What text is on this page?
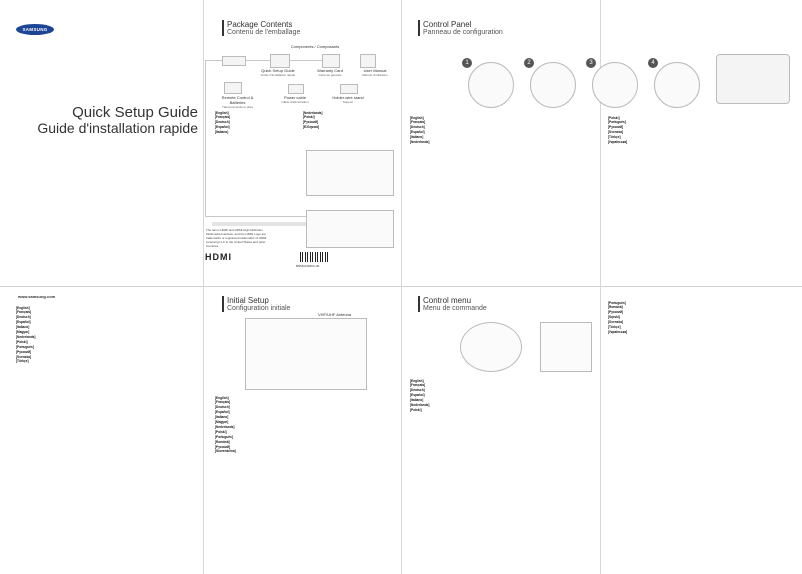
SAMSUNG
Quick Setup Guide
Guide d'installation rapide
The terms HDMI and HDMI High-Definition Multimedia Interface, and the HDMI Logo are trademarks or registered trademarks of HDMI Licensing LLC in the United States and other countries.
HDMI
BN68-04926C-00
Package Contents
Contenu de l'emballage
Components / Composants
Quick Setup Guide
Guide d'installation rapide
Warranty Card
Carte de garantie
User Manual
Manuel d'utilisation
Remote Control & Batteries
Télécommande et piles
Power cable
Câble d'alimentation
Holder-wire stand
Support
[English]
[Français]
[Deutsch]
[Español]
[Italiano]
[Nederlands]
[Polski]
[Русский]
[Ελληνικά]
Control Panel
Panneau de configuration
1	2	3	4
[English]
[Français]
[Deutsch]
[Español]
[Italiano]
[Nederlands]
[Polski]
[Português]
[Русский]
[Svenska]
[Türkçe]
[Українська]
www.samsung.com
[English]
[Français]
[Deutsch]
[Español]
[Italiano]
[Magyar]
[Nederlands]
[Polski]
[Português]
[Русский]
[Svenska]
[Türkçe]
Initial Setup
Configuration initiale
VHF/UHF Antenna
[English]
[Français]
[Deutsch]
[Español]
[Italiano]
[Magyar]
[Nederlands]
[Polski]
[Português]
[Română]
[Русский]
[Slovenščina]
Control menu
Menu de commande
[English]
[Français]
[Deutsch]
[Español]
[Italiano]
[Nederlands]
[Polski]
[Português]
[Română]
[Русский]
[Srpski]
[Svenska]
[Türkçe]
[Українська]
